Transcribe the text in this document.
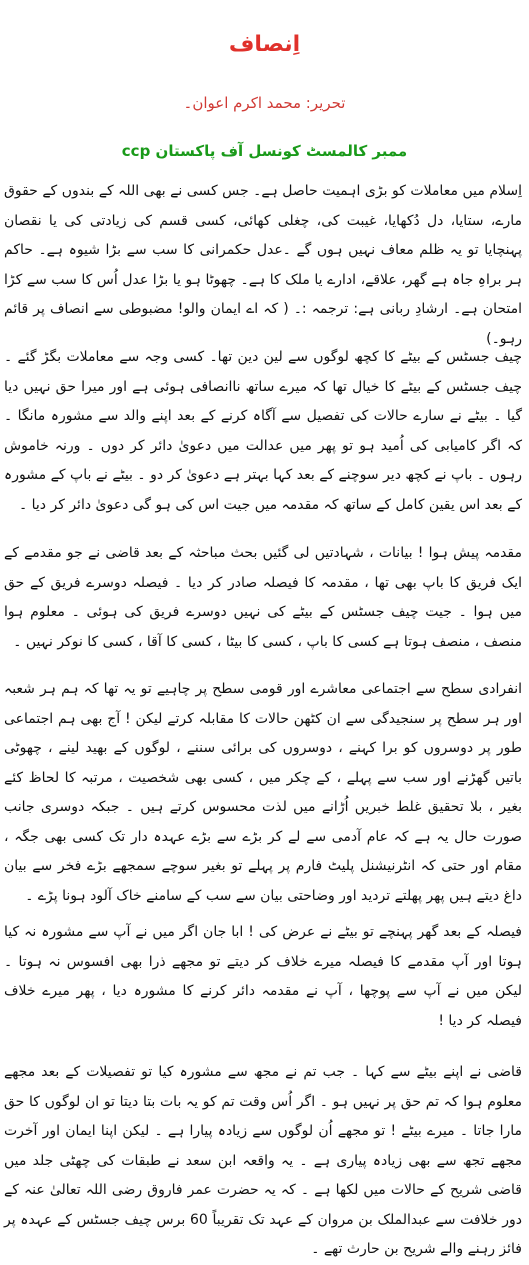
اِنصاف
تحریر: محمد اکرم اعوان۔
ممبر کالمسٹ کونسل آف پاکستان ccp

اِسلام میں معاملات کو بڑی اہمیت حاصل ہے۔ جس کسی نے بھی اللہ کے بندوں کے حقوق مارے، ستایا، دل دُکھایا، غیبت کی، چغلی کھائی، کسی قسم کی زیادتی کی یا نقصان پہنچایا تو یہ ظلم معاف نہیں ہوں گے ۔عدل حکمرانی کا سب سے بڑا شیوہ ہے۔ حاکم ہر براہِ جاہ ہے گھر، علاقے، ادارے یا ملک کا ہے۔ چھوٹا ہو یا بڑا عدل اُس کا سب سے کڑا امتحان ہے۔ ارشادِ ربانی ہے: ترجمہ :۔ ( کہ اے ایمان والو! مضبوطی سے انصاف پر قائم رہو۔)

چیف جسٹس کے بیٹے کا کچھ لوگوں سے لین دین تھا۔ کسی وجہ سے معاملات بگڑ گئے ۔ چیف جسٹس کے بیٹے کا خیال تھا کہ میرے ساتھ ناانصافی ہوئی ہے اور میرا حق نہیں دیا گیا ۔ بیٹے نے سارے حالات کی تفصیل سے آگاہ کرنے کے بعد اپنے والد سے مشورہ مانگا ۔ کہ اگر کامیابی کی اُمید ہو تو پھر میں عدالت میں دعویٰ دائر کر دوں ۔ ورنہ خاموش رہوں ۔ باپ نے کچھ دیر سوچنے کے بعد کہا بہتر ہے دعویٰ کر دو ۔ بیٹے نے باپ کے مشورہ کے بعد اس یقین کامل کے ساتھ کہ مقدمہ میں جیت اس کی ہو گی دعویٰ دائر کر دیا ۔

مقدمہ پیش ہوا ! بیانات ، شہادتیں لی گئیں بحث مباحثہ کے بعد قاضی نے جو مقدمے کے ایک فریق کا باپ بھی تھا ، مقدمہ کا فیصلہ صادر کر دیا ۔ فیصلہ دوسرے فریق کے حق میں ہوا ۔ جیت چیف جسٹس کے بیٹے کی نہیں دوسرے فریق کی ہوئی ۔ معلوم ہوا منصف ، منصف ہوتا ہے کسی کا باپ ، کسی کا بیٹا ، کسی کا آقا ، کسی کا نوکر نہیں ۔

انفرادی سطح سے اجتماعی معاشرے اور قومی سطح پر چاہیے تو یہ تھا کہ ہم ہر شعبہ اور ہر سطح پر سنجیدگی سے ان کٹھن حالات کا مقابلہ کرتے لیکن ! آج بھی ہم اجتماعی طور پر دوسروں کو برا کہنے ، دوسروں کی برائی سننے ، لوگوں کے بھید لینے ، چھوٹی باتیں گھڑنے اور سب سے پہلے ، کے چکر میں ، کسی بھی شخصیت ، مرتبہ کا لحاظ کئے بغیر ، بلا تحقیق غلط خبریں اُڑانے میں لذت محسوس کرتے ہیں ۔ جبکہ دوسری جانب صورت حال یہ ہے کہ عام آدمی سے لے کر بڑے سے بڑے عہدہ دار تک کسی بھی جگہ ، مقام اور حتی کہ انٹرنیشنل پلیٹ فارم پر پہلے تو بغیر سوچے سمجھے بڑے فخر سے بیان داغ دیتے ہیں پھر پھلتے تردید اور وضاحتی بیان سے سب کے سامنے خاک آلود ہونا پڑے ۔

فیصلہ کے بعد گھر پہنچے تو بیٹے نے عرض کی ! ابا جان اگر میں نے آپ سے مشورہ نہ کیا ہوتا اور آپ مقدمے کا فیصلہ میرے خلاف کر دیتے تو مجھے ذرا بھی افسوس نہ ہوتا ۔ لیکن میں نے آپ سے پوچھا ، آپ نے مقدمہ دائر کرنے کا مشورہ دیا ، پھر میرے خلاف فیصلہ کر دیا !

قاضی نے اپنے بیٹے سے کہا ۔ جب تم نے مجھ سے مشورہ کیا تو تفصیلات کے بعد مجھے معلوم ہوا کہ تم حق پر نہیں ہو ۔ اگر اُس وقت تم کو یہ بات بتا دیتا تو ان لوگوں کا حق مارا جاتا ۔ میرے بیٹے ! تو مجھے اُن لوگوں سے زیادہ پیارا ہے ۔ لیکن اپنا ایمان اور آخرت مجھے تجھ سے بھی زیادہ پیاری ہے ۔ یہ واقعہ ابن سعد نے طبقات کی چھٹی جلد میں قاضی شریح کے حالات میں لکھا ہے ۔ کہ یہ حضرت عمر فاروق رضی اللہ تعالیٰ عنہ کے دور خلافت سے عبدالملک بن مروان کے عہد تک تقریباً 60 برس چیف جسٹس کے عہدہ پر فائز رہنے والے شریح بن حارث تھے ۔
